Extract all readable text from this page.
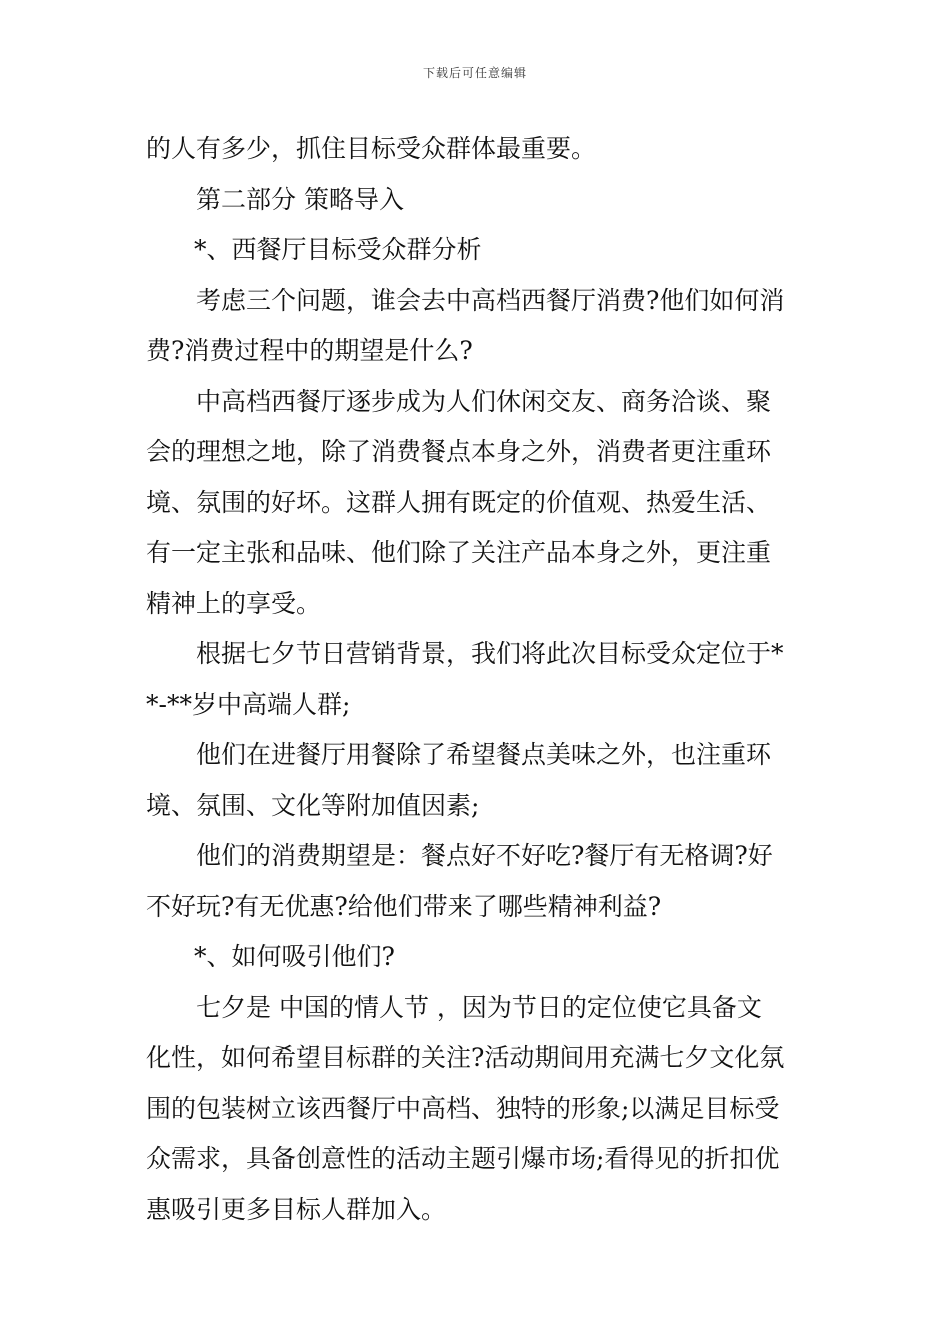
下载后可任意编辑
的人有多少，抓住目标受众群体最重要。
第二部分 策略导入
*、西餐厅目标受众群分析
考虑三个问题，谁会去中高档西餐厅消费?他们如何消
费?消费过程中的期望是什么?
中高档西餐厅逐步成为人们休闲交友、商务洽谈、聚
会的理想之地，除了消费餐点本身之外，消费者更注重环
境、氛围的好坏。这群人拥有既定的价值观、热爱生活、
有一定主张和品味、他们除了关注产品本身之外，更注重
精神上的享受。
根据七夕节日营销背景，我们将此次目标受众定位于*
*-**岁中高端人群;
他们在进餐厅用餐除了希望餐点美味之外，也注重环
境、氛围、文化等附加值因素;
他们的消费期望是：餐点好不好吃?餐厅有无格调?好
不好玩?有无优惠?给他们带来了哪些精神利益?
*、如何吸引他们?
七夕是 中国的情人节 ，因为节日的定位使它具备文
化性，如何希望目标群的关注?活动期间用充满七夕文化氛
围的包装树立该西餐厅中高档、独特的形象;以满足目标受
众需求，具备创意性的活动主题引爆市场;看得见的折扣优
惠吸引更多目标人群加入。
